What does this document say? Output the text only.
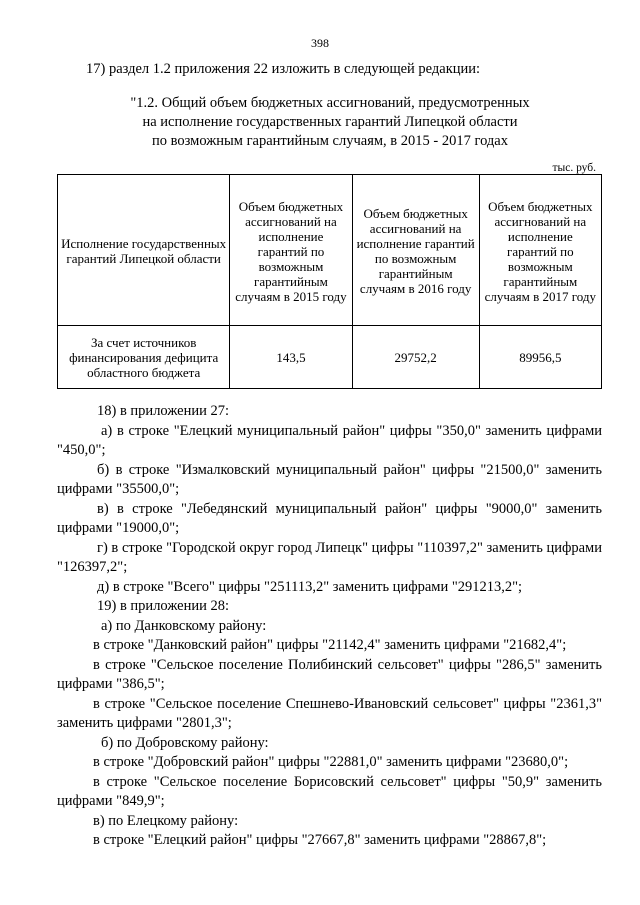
398
17) раздел 1.2 приложения 22 изложить в следующей редакции:
"1.2. Общий объем бюджетных ассигнований, предусмотренных
на исполнение государственных гарантий Липецкой области
по возможным гарантийным случаям, в 2015 - 2017 годах
тыс. руб.
Исполнение государственных гарантий Липецкой области	Объем бюджетных ассигнований на исполнение гарантий по возможным гарантийным случаям в 2015 году	Объем бюджетных ассигнований на исполнение гарантий по возможным гарантийным случаям в 2016 году	Объем бюджетных ассигнований на исполнение гарантий по возможным гарантийным случаям в 2017 году
За счет источников финансирования дефицита областного бюджета	143,5	29752,2	89956,5
18) в приложении 27:
а) в строке "Елецкий муниципальный район" цифры "350,0" заменить цифрами "450,0";
б) в строке "Измалковский муниципальный район" цифры "21500,0" заменить цифрами "35500,0";
в) в строке "Лебедянский муниципальный район" цифры "9000,0" заменить цифрами "19000,0";
г) в строке "Городской округ город Липецк" цифры "110397,2" заменить цифрами "126397,2";
д) в строке "Всего" цифры "251113,2" заменить цифрами "291213,2";
19) в приложении 28:
а) по Данковскому району:
в строке "Данковский район" цифры "21142,4" заменить цифрами "21682,4";
в строке "Сельское поселение Полибинский сельсовет" цифры "286,5" заменить цифрами "386,5";
в строке "Сельское поселение Спешнево-Ивановский сельсовет" цифры "2361,3" заменить цифрами "2801,3";
б) по Добровскому району:
в строке "Добровский район" цифры "22881,0" заменить цифрами "23680,0";
в строке "Сельское поселение Борисовский сельсовет" цифры "50,9" заменить цифрами "849,9";
в) по Елецкому району:
в строке "Елецкий район" цифры "27667,8" заменить цифрами "28867,8";
